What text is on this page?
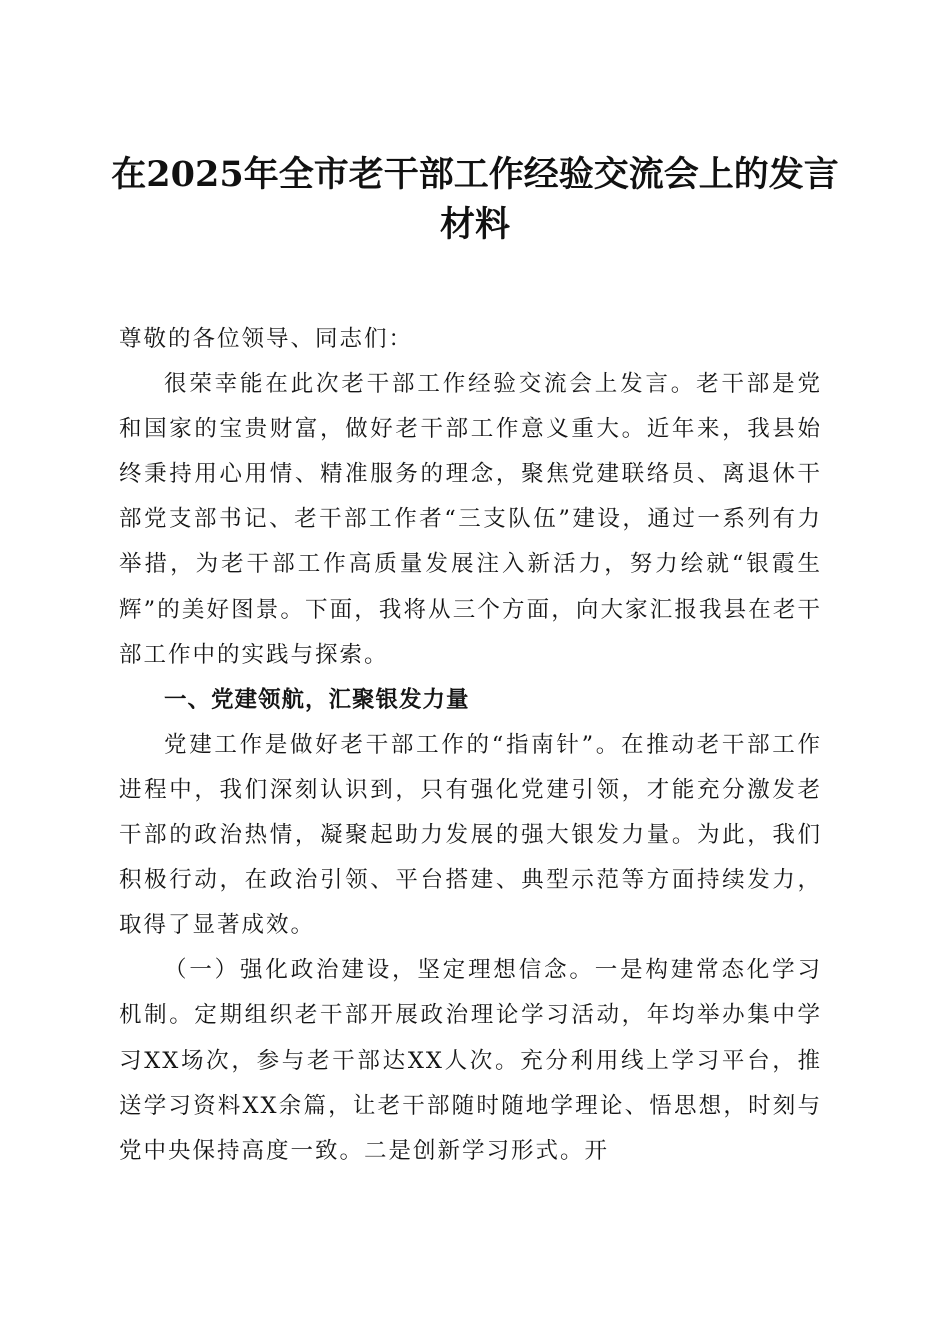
在2025年全市老干部工作经验交流会上的发言材料

尊敬的各位领导、同志们：

很荣幸能在此次老干部工作经验交流会上发言。老干部是党和国家的宝贵财富，做好老干部工作意义重大。近年来，我县始终秉持用心用情、精准服务的理念，聚焦党建联络员、离退休干部党支部书记、老干部工作者“三支队伍”建设，通过一系列有力举措，为老干部工作高质量发展注入新活力，努力绘就“银霞生辉”的美好图景。下面，我将从三个方面，向大家汇报我县在老干部工作中的实践与探索。

一、党建领航，汇聚银发力量

党建工作是做好老干部工作的“指南针”。在推动老干部工作进程中，我们深刻认识到，只有强化党建引领，才能充分激发老干部的政治热情，凝聚起助力发展的强大银发力量。为此，我们积极行动，在政治引领、平台搭建、典型示范等方面持续发力，取得了显著成效。

（一）强化政治建设，坚定理想信念。一是构建常态化学习机制。定期组织老干部开展政治理论学习活动，年均举办集中学习XX场次，参与老干部达XX人次。充分利用线上学习平台，推送学习资料XX余篇，让老干部随时随地学理论、悟思想，时刻与党中央保持高度一致。二是创新学习形式。开
